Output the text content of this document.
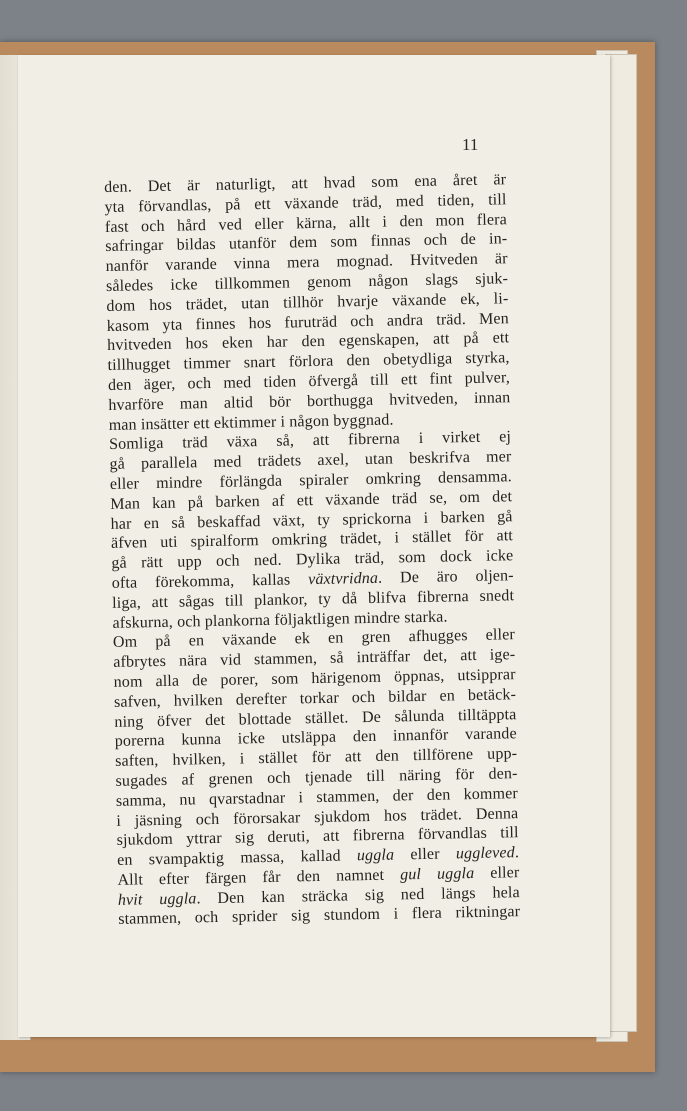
11
den. Det är naturligt, att hvad som ena året är
yta förvandlas, på ett växande träd, med tiden, till
fast och hård ved eller kärna, allt i den mon flera
safringar bildas utanför dem som finnas och de in-
nanför varande vinna mera mognad. Hvitveden är
således icke tillkommen genom någon slags sjuk-
dom hos trädet, utan tillhör hvarje växande ek, li-
kasom yta finnes hos furuträd och andra träd. Men
hvitveden hos eken har den egenskapen, att på ett
tillhugget timmer snart förlora den obetydliga styrka,
den äger, och med tiden öfvergå till ett fint pulver,
hvarföre man altid bör borthugga hvitveden, innan
man insätter ett ektimmer i någon byggnad.
Somliga träd växa så, att fibrerna i virket ej
gå parallela med trädets axel, utan beskrifva mer
eller mindre förlängda spiraler omkring densamma.
Man kan på barken af ett växande träd se, om det
har en så beskaffad växt, ty sprickorna i barken gå
äfven uti spiralform omkring trädet, i stället för att
gå rätt upp och ned. Dylika träd, som dock icke
ofta förekomma, kallas växtvridna. De äro oljen-
liga, att sågas till plankor, ty då blifva fibrerna snedt
afskurna, och plankorna följaktligen mindre starka.
Om på en växande ek en gren afhugges eller
afbrytes nära vid stammen, så inträffar det, att ige-
nom alla de porer, som härigenom öppnas, utsipprar
safven, hvilken derefter torkar och bildar en betäck-
ning öfver det blottade stället. De sålunda tilltäppta
porerna kunna icke utsläppa den innanför varande
saften, hvilken, i stället för att den tillförene upp-
sugades af grenen och tjenade till näring för den-
samma, nu qvarstadnar i stammen, der den kommer
i jäsning och förorsakar sjukdom hos trädet. Denna
sjukdom yttrar sig deruti, att fibrerna förvandlas till
en svampaktig massa, kallad uggla eller ugglevеd.
Allt efter färgen får den namnet gul uggla eller
hvit uggla. Den kan sträcka sig ned längs hela
stammen, och sprider sig stundom i flera riktningar
